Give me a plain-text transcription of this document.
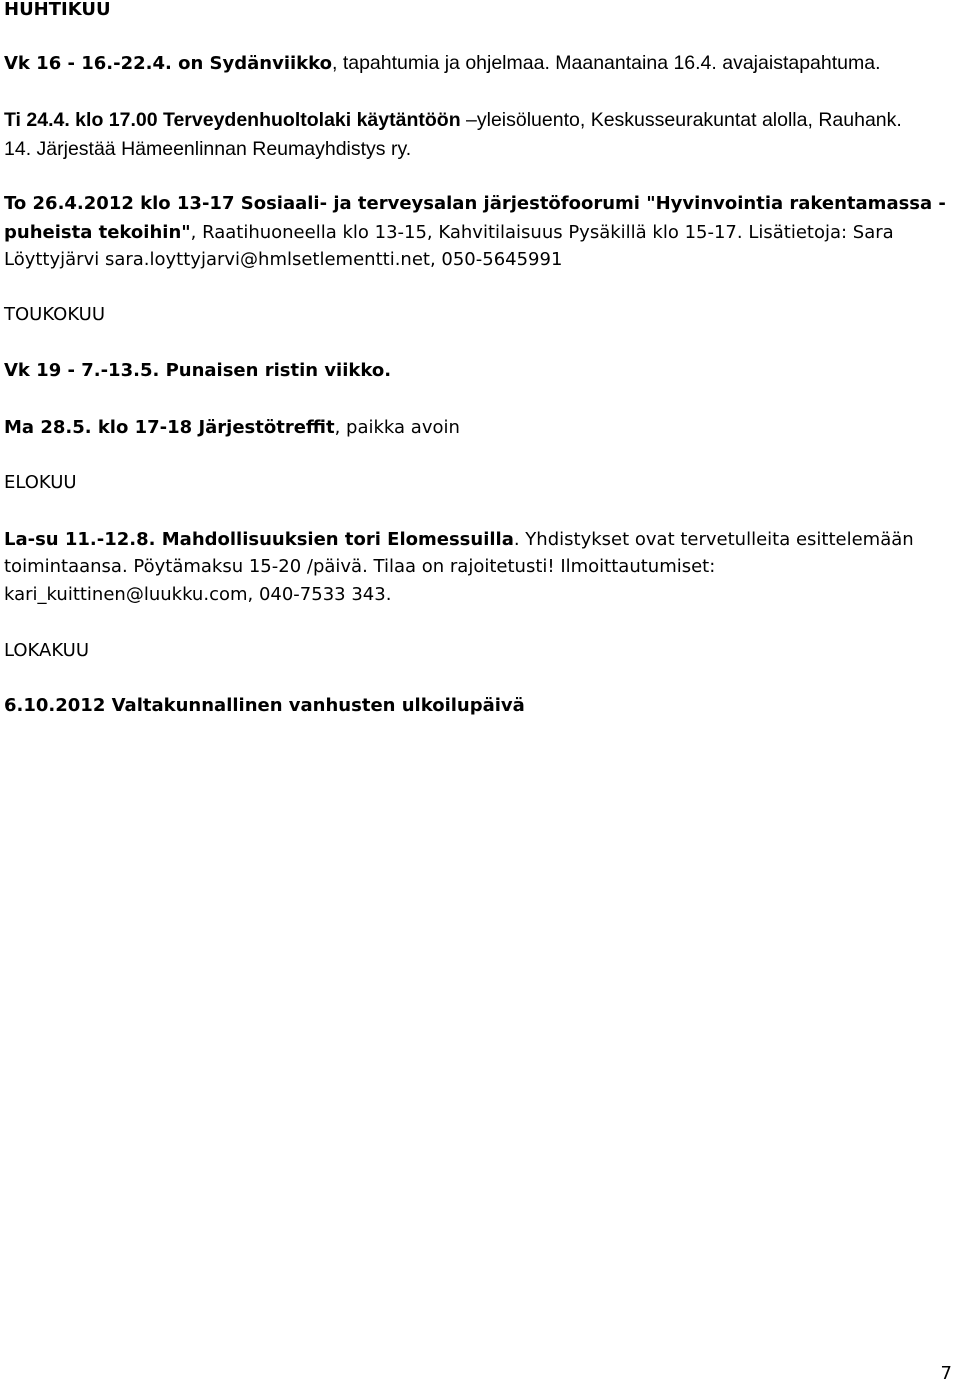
HUHTIKUU
Vk 16 - 16.-22.4. on Sydänviikko, tapahtumia ja ohjelmaa. Maanantaina 16.4. avajaistapahtuma.
Ti 24.4. klo 17.00 Terveydenhuoltolaki käytäntöön –yleisöluento, Keskusseurakuntat alolla, Rauhank.
14. Järjestää Hämeenlinnan Reumayhdistys ry.
To 26.4.2012 klo 13-17 Sosiaali- ja terveysalan järjestöfoorumi "Hyvinvointia rakentamassa -
puheista tekoihin", Raatihuoneella klo 13-15, Kahvitilaisuus Pysäkillä klo 15-17. Lisätietoja: Sara
Löyttyjärvi sara.loyttyjarvi@hmlsetlementti.net, 050-5645991
TOUKOKUU
Vk 19 - 7.-13.5. Punaisen ristin viikko.
Ma 28.5. klo 17-18 Järjestötreffit, paikka avoin
ELOKUU
La-su 11.-12.8. Mahdollisuuksien tori Elomessuilla. Yhdistykset ovat tervetulleita esittelemään
toimintaansa. Pöytämaksu 15-20 /päivä. Tilaa on rajoitetusti! Ilmoittautumiset:
kari_kuittinen@luukku.com, 040-7533 343.
LOKAKUU
6.10.2012 Valtakunnallinen vanhusten ulkoilupäivä
7
